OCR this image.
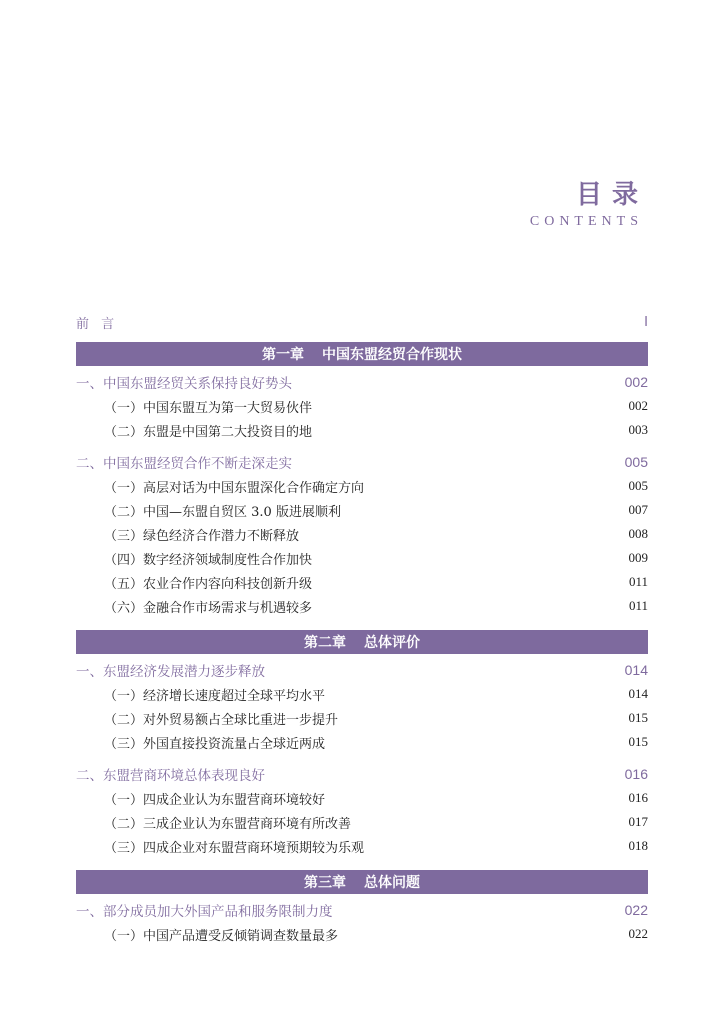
目录
CONTENTS
前 言	I
第一章 中国东盟经贸合作现状
一、中国东盟经贸关系保持良好势头	002
（一）中国东盟互为第一大贸易伙伴	002
（二）东盟是中国第二大投资目的地	003
二、中国东盟经贸合作不断走深走实	005
（一）高层对话为中国东盟深化合作确定方向	005
（二）中国—东盟自贸区 3.0 版进展顺利	007
（三）绿色经济合作潜力不断释放	008
（四）数字经济领域制度性合作加快	009
（五）农业合作内容向科技创新升级	011
（六）金融合作市场需求与机遇较多	011
第二章 总体评价
一、东盟经济发展潜力逐步释放	014
（一）经济增长速度超过全球平均水平	014
（二）对外贸易额占全球比重进一步提升	015
（三）外国直接投资流量占全球近两成	015
二、东盟营商环境总体表现良好	016
（一）四成企业认为东盟营商环境较好	016
（二）三成企业认为东盟营商环境有所改善	017
（三）四成企业对东盟营商环境预期较为乐观	018
第三章 总体问题
一、部分成员加大外国产品和服务限制力度	022
（一）中国产品遭受反倾销调查数量最多	022
